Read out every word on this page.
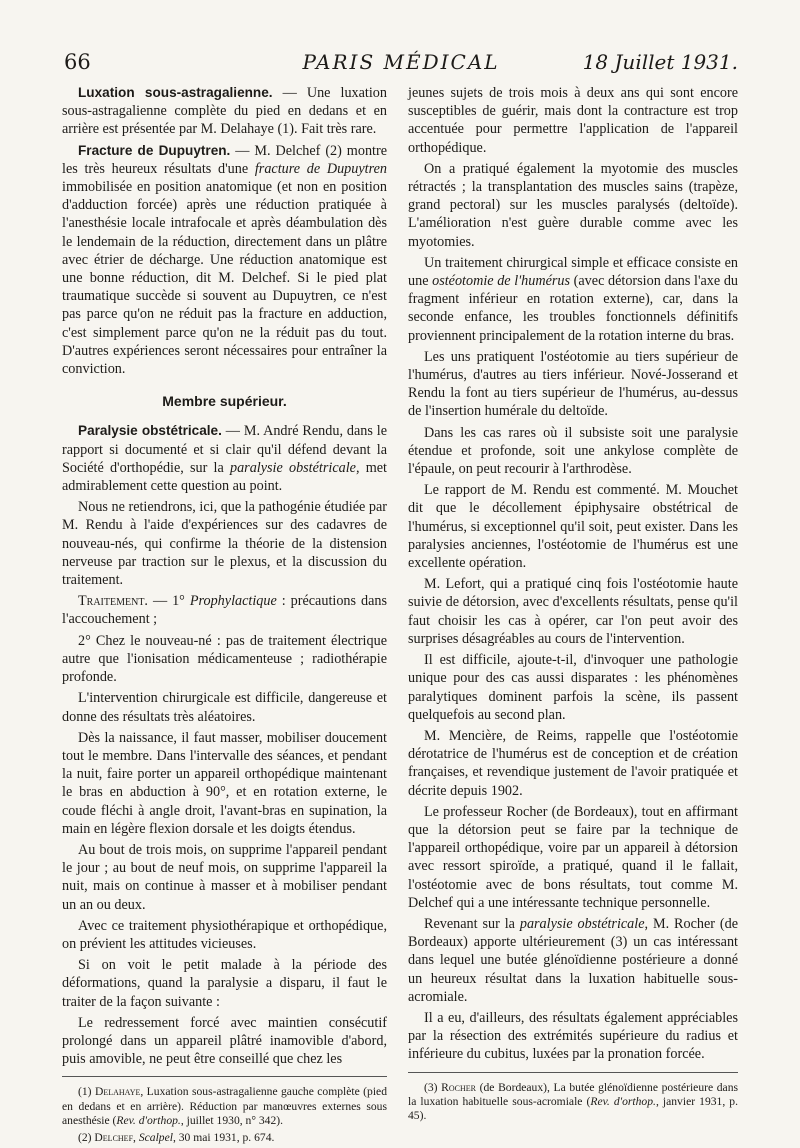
66	PARIS MÉDICAL	18 Juillet 1931.

Luxation sous-astragalienne. — Une luxation sous-astragalienne complète du pied en dedans et en arrière est présentée par M. Delahaye (1). Fait très rare.

Fracture de Dupuytren. — M. Delchef (2) montre les très heureux résultats d'une fracture de Dupuytren immobilisée en position anatomique (et non en position d'adduction forcée) après une réduction pratiquée à l'anesthésie locale intrafocale et après déambulation dès le lendemain de la réduction, directement dans un plâtre avec étrier de décharge. Une réduction anatomique est une bonne réduction, dit M. Delchef. Si le pied plat traumatique succède si souvent au Dupuytren, ce n'est pas parce qu'on ne réduit pas la fracture en adduction, c'est simplement parce qu'on ne la réduit pas du tout. D'autres expériences seront nécessaires pour entraîner la conviction.

Membre supérieur.

Paralysie obstétricale. — M. André Rendu, dans le rapport si documenté et si clair qu'il défend devant la Société d'orthopédie, sur la paralysie obstétricale, met admirablement cette question au point.

Nous ne retiendrons, ici, que la pathogénie étudiée par M. Rendu à l'aide d'expériences sur des cadavres de nouveau-nés, qui confirme la théorie de la distension nerveuse par traction sur le plexus, et la discussion du traitement.

Traitement. — 1° Prophylactique : précautions dans l'accouchement ;

2° Chez le nouveau-né : pas de traitement électrique autre que l'ionisation médicamenteuse ; radiothérapie profonde.

L'intervention chirurgicale est difficile, dangereuse et donne des résultats très aléatoires.

Dès la naissance, il faut masser, mobiliser doucement tout le membre. Dans l'intervalle des séances, et pendant la nuit, faire porter un appareil orthopédique maintenant le bras en abduction à 90°, et en rotation externe, le coude fléchi à angle droit, l'avant-bras en supination, la main en légère flexion dorsale et les doigts étendus.

Au bout de trois mois, on supprime l'appareil pendant le jour ; au bout de neuf mois, on supprime l'appareil la nuit, mais on continue à masser et à mobiliser pendant un an ou deux.

Avec ce traitement physiothérapique et orthopédique, on prévient les attitudes vicieuses.

Si on voit le petit malade à la période des déformations, quand la paralysie a disparu, il faut le traiter de la façon suivante :

Le redressement forcé avec maintien consécutif prolongé dans un appareil plâtré inamovible d'abord, puis amovible, ne peut être conseillé que chez les

(1) Delahaye, Luxation sous-astragalienne gauche complète (pied en dedans et en arrière). Réduction par manœuvres externes sous anesthésie (Rev. d'orthop., juillet 1930, n° 342).

(2) Delchef, Scalpel, 30 mai 1931, p. 674.

jeunes sujets de trois mois à deux ans qui sont encore susceptibles de guérir, mais dont la contracture est trop accentuée pour permettre l'application de l'appareil orthopédique.

On a pratiqué également la myotomie des muscles rétractés ; la transplantation des muscles sains (trapèze, grand pectoral) sur les muscles paralysés (deltoïde). L'amélioration n'est guère durable comme avec les myotomies.

Un traitement chirurgical simple et efficace consiste en une ostéotomie de l'humérus (avec détorsion dans l'axe du fragment inférieur en rotation externe), car, dans la seconde enfance, les troubles fonctionnels définitifs proviennent principalement de la rotation interne du bras.

Les uns pratiquent l'ostéotomie au tiers supérieur de l'humérus, d'autres au tiers inférieur. Nové-Josserand et Rendu la font au tiers supérieur de l'humérus, au-dessus de l'insertion humérale du deltoïde.

Dans les cas rares où il subsiste soit une paralysie étendue et profonde, soit une ankylose complète de l'épaule, on peut recourir à l'arthrodèse.

Le rapport de M. Rendu est commenté. M. Mouchet dit que le décollement épiphysaire obstétrical de l'humérus, si exceptionnel qu'il soit, peut exister. Dans les paralysies anciennes, l'ostéotomie de l'humérus est une excellente opération.

M. Lefort, qui a pratiqué cinq fois l'ostéotomie haute suivie de détorsion, avec d'excellents résultats, pense qu'il faut choisir les cas à opérer, car l'on peut avoir des surprises désagréables au cours de l'intervention.

Il est difficile, ajoute-t-il, d'invoquer une pathologie unique pour des cas aussi disparates : les phénomènes paralytiques dominent parfois la scène, ils passent quelquefois au second plan.

M. Mencière, de Reims, rappelle que l'ostéotomie dérotatrice de l'humérus est de conception et de création françaises, et revendique justement de l'avoir pratiquée et décrite depuis 1902.

Le professeur Rocher (de Bordeaux), tout en affirmant que la détorsion peut se faire par la technique de l'appareil orthopédique, voire par un appareil à détorsion avec ressort spiroïde, a pratiqué, quand il le fallait, l'ostéotomie avec de bons résultats, tout comme M. Delchef qui a une intéressante technique personnelle.

Revenant sur la paralysie obstétricale, M. Rocher (de Bordeaux) apporte ultérieurement (3) un cas intéressant dans lequel une butée glénoïdienne postérieure a donné un heureux résultat dans la luxation habituelle sous-acromiale.

Il a eu, d'ailleurs, des résultats également appréciables par la résection des extrémités supérieure du radius et inférieure du cubitus, luxées par la pronation forcée.

(3) Rocher (de Bordeaux), La butée glénoïdienne postérieure dans la luxation habituelle sous-acromiale (Rev. d'orthop., janvier 1931, p. 45).
